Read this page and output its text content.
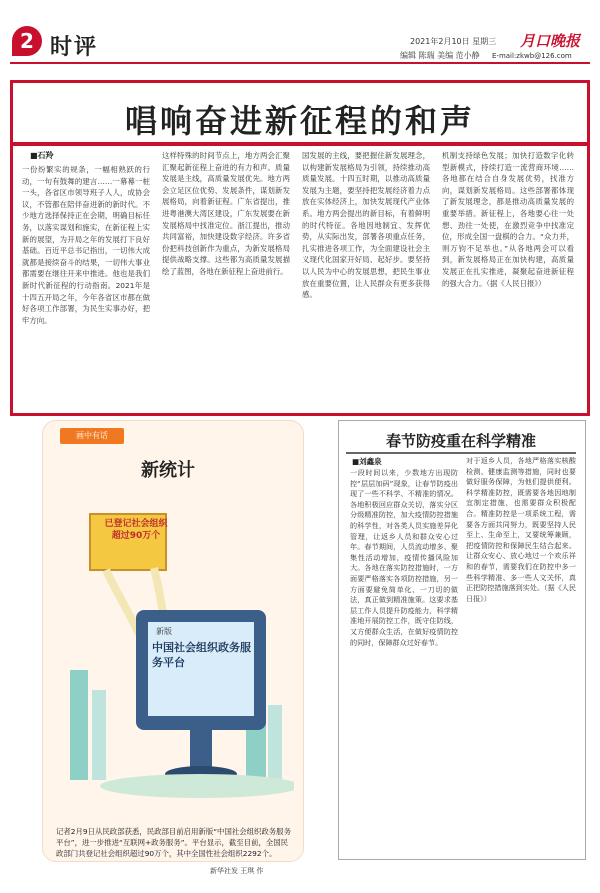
2 时评	2021年2月10日 星期三
编辑 陈瑞 美编 范小静
月口晚报
E-mail:zkwb@126.com
唱响奋进新征程的和声
■石羚
一份纷繁实的规条，一幅相熟跃的行动，一句有鼓舞的建言……一幕幕一桩一头，各省区市领导班子人人，成协会议，不管都在陪伴奋进新的新时代。不少地方选择保持正在会期，明确目标任务，以落实谋划和施实，在新征程上实新的展望，为开局之年的发展打下良好基础。百近平总书记指出，一切伟大成就都是接续奋斗的结果，一切伟大事业都需要在继往开来中推进。他也是我们新时代新征程的行动指南。2021年是十四五开局之年，今年各省区市都在做好各项工作部署，为民生实事办好，把牢方向。
这样特殊的时间节点上，地方两会汇聚汇聚起新征程上奋进的有力和声。质量发展是主线，高质量发展优先。地方两会立足区位优势、发展条件，谋划新发展格局，向着新征程。广东省提出，推进粤港澳大湾区建设，广东发展要在新发展格局中找准定位。浙江提出，推动共同富裕，加快建设数字经济。许多省份把科技创新作为重点，为新发展格局提供战略支撑。这些都为高质量发展描绘了蓝图，各地在新征程上奋进前行。
国发展的主线，要把握住新发展理念，以构建新发展格局为引领，持续推动高质量发展。十四五时期，以推动高质量发展为主题，要坚持把发展经济着力点放在实体经济上，加快发展现代产业体系。地方两会提出的新目标，有着鲜明的时代特征。各地因地制宜、发挥优势，从实际出发，部署各项重点任务，扎实推进各项工作，为全面建设社会主义现代化国家开好局、起好步。要坚持以人民为中心的发展思想，把民生事业放在重要位置，让人民群众有更多获得感。
机制支持绿色发展；加快打造数字化转型新模式，持续打造一流营商环境……各地都在结合自身发展优势，找准方向，谋划新发展格局。这些部署都体现了新发展理念，都是推动高质量发展的重要举措。新征程上，各地要心往一处想、劲往一处使，在激烈竞争中找准定位，形成全国一盘棋的合力。“众力并，则万钧不足举也。”从各地两会可以看到，新发展格局正在加快构建，高质量发展正在扎实推进，凝聚起奋进新征程的强大合力。（据《人民日报》）
画中有话
新统计
已登记社会组织超过90万个
新版
中国社会组织政务服务平台
记者2月9日从民政部获悉，民政部目前启用新版“中国社会组织政务服务平台”，进一步推进“互联网+政务服务”。平台显示，截至目前，全国民政部门共登记社会组织超过90万个，其中全国性社会组织2292个。
新华社发 王琪 作
春节防疫重在科学精准
■刘鑫泉
一段时间以来，少数地方出现防控“层层加码”现象，让春节防疫出现了一些不科学、不精准的情况。各地积极回应群众关切，落实分区分级精准防控，加大疫情防控措施的科学性，对各类人员实施差异化管理，让返乡人员和群众安心过年。春节期间，人员流动增多、聚集性活动增加，疫情传播风险加大。各地在落实防控措施时，一方面要严格落实各项防控措施，另一方面要避免简单化、一刀切的做法，真正做到精准施策。这要求基层工作人员提升防疫能力，科学精准地开展防控工作，既守住防线，又方便群众生活，在做好疫情防控的同时，保障群众过好春节。
对于返乡人员，各地严格落实核酸检测、健康监测等措施，同时也要做好服务保障，为他们提供便利。科学精准防控，既需要各地因地制宜制定措施，也需要群众积极配合。精准防控是一项系统工程，需要各方面共同努力，既要坚持人民至上、生命至上，又要统筹兼顾，把疫情防控和保障民生结合起来。让群众安心、放心地过一个欢乐祥和的春节，需要我们在防控中多一些科学精准、多一些人文关怀，真正把防控措施落到实处。（据《人民日报》）
